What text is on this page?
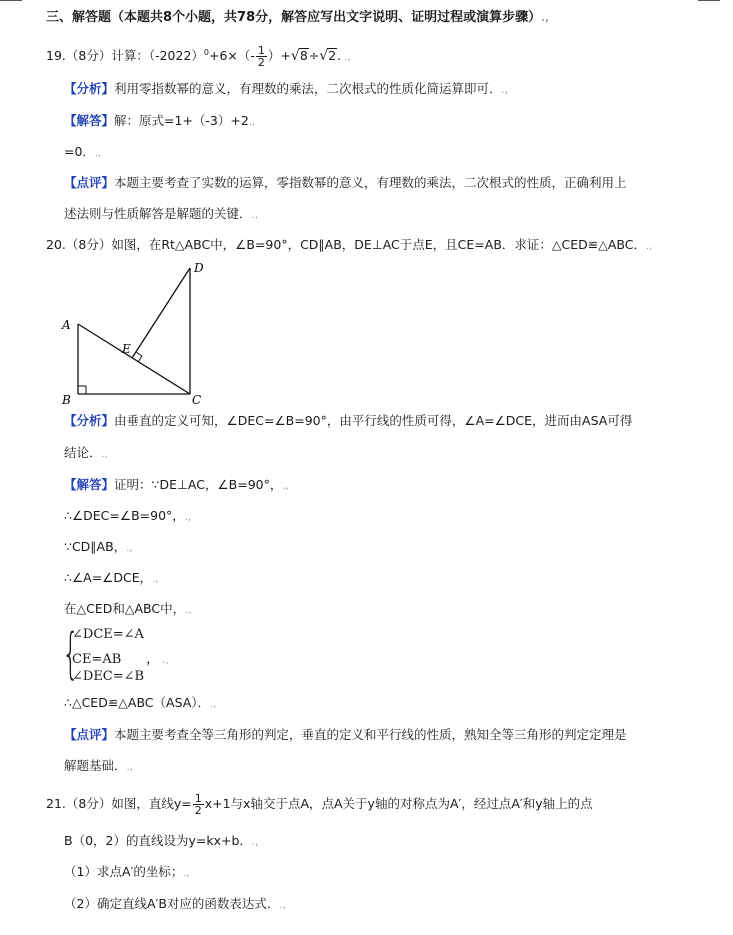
三、解答题（本题共8个小题，共78分，解答应写出文字说明、证明过程或演算步骤）.,
19.（8分）计算：$(-2022)^0+6\times(- \frac{1}{2} )+√8\div√2$. .,
【分析】利用零指数幂的意义，有理数的乘法，二次根式的性质化简运算即可．.,
【解答】解：原式=1+（-3）+2.,
=0．.,
【点评】本题主要考查了实数的运算，零指数幂的意义，有理数的乘法，二次根式的性质，正确利用上
述法则与性质解答是解题的关键．.,
20.（8分）如图，在Rt△ABC中，∠B=90°，CD∥AB，DE⊥AC于点E，且CE=AB．求证：△CED≌△ABC．.,
A
B	C
D
E
【分析】由垂直的定义可知，∠DEC=∠B=90°，由平行线的性质可得，∠A=∠DCE，进而由ASA可得
结论．.,
【解答】证明：∵DE⊥AC，∠B=90°，.,
∴∠DEC=∠B=90°，.,
∵CD∥AB，.,
∴∠A=∠DCE，.,
在△CED和△ABC中，.,
{
∠DCE=∠A
CE=AB ， .,
∠DEC=∠B
∴△CED≌△ABC（ASA）．.,
【点评】本题主要考查全等三角形的判定，垂直的定义和平行线的性质，熟知全等三角形的判定定理是
解题基础．.,
21.（8分）如图，直线$y= \frac{1}{2} x+1$与x轴交于点A，点A关于y轴的对称点为A′，经过点A′和y轴上的点
B（0，2）的直线设为y=kx+b．.,
（1）求点A′的坐标；.,
（2）确定直线A′B对应的函数表达式．.,
